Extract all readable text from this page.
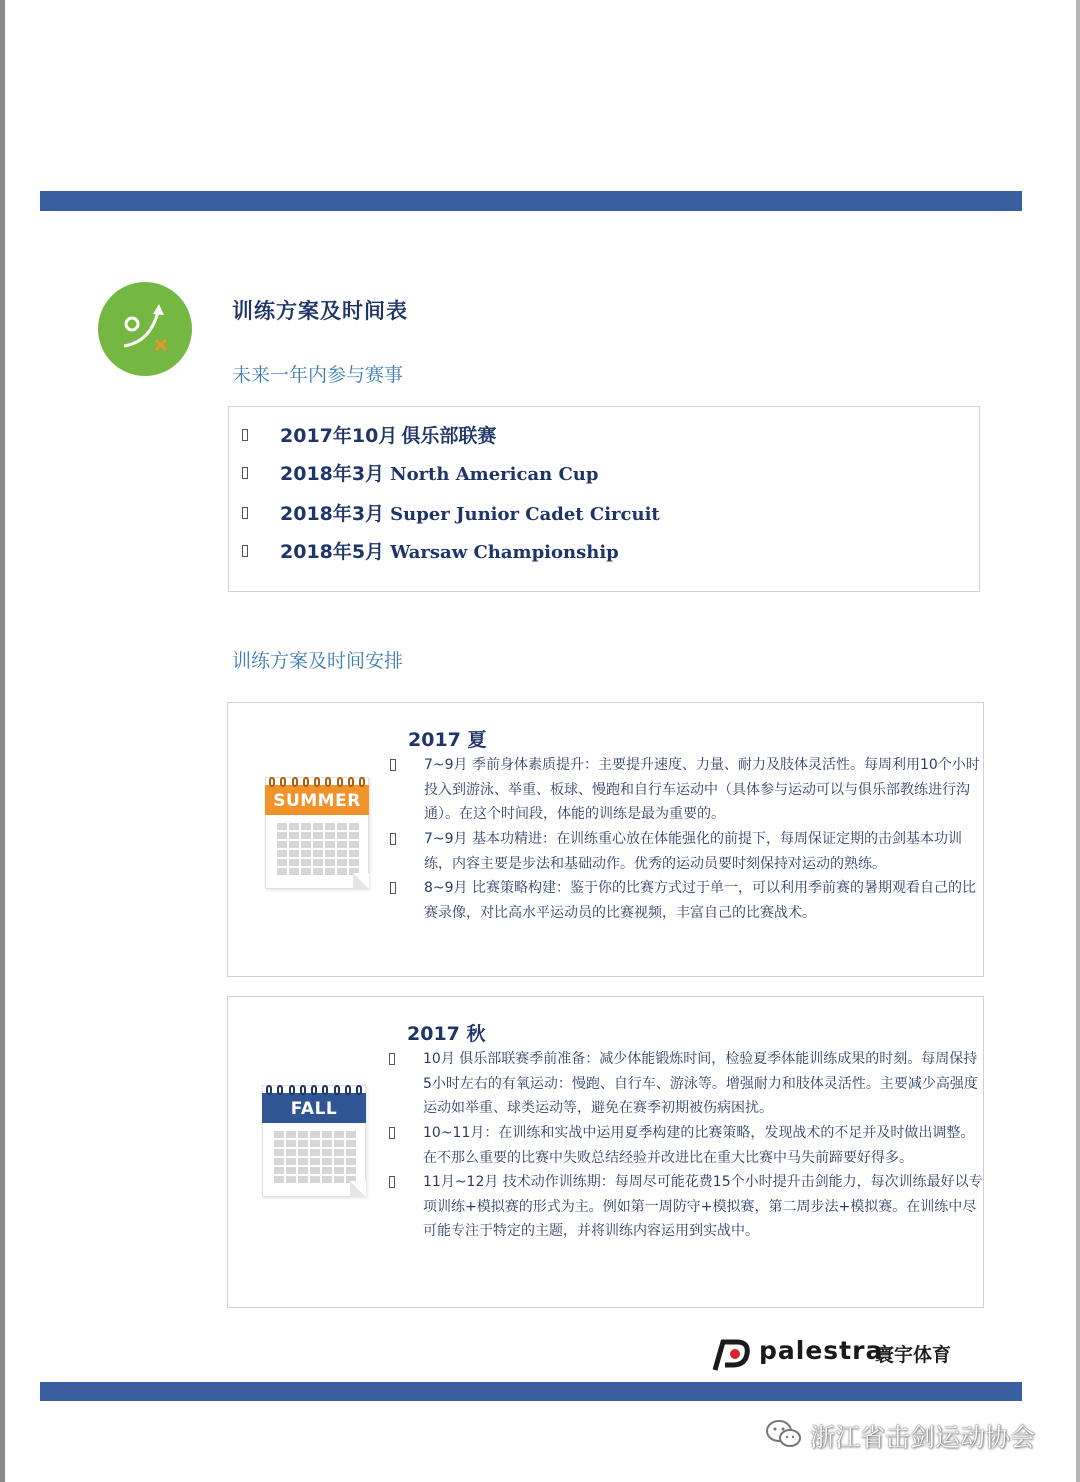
训练方案及时间表
未来一年内参与赛事
2017年10月 俱乐部联赛
2018年3月 North American Cup
2018年3月 Super Junior Cadet Circuit
2018年5月 Warsaw Championship
训练方案及时间安排
SUMMER
2017 夏
7~9月 季前身体素质提升：主要提升速度、力量、耐力及肢体灵活性。每周利用10个小时投入到游泳、举重、板球、慢跑和自行车运动中（具体参与运动可以与俱乐部教练进行沟通）。在这个时间段，体能的训练是最为重要的。
7~9月 基本功精进：在训练重心放在体能强化的前提下，每周保证定期的击剑基本功训练，内容主要是步法和基础动作。优秀的运动员要时刻保持对运动的熟练。
8~9月 比赛策略构建：鉴于你的比赛方式过于单一，可以利用季前赛的暑期观看自己的比赛录像，对比高水平运动员的比赛视频，丰富自己的比赛战术。
FALL
2017 秋
10月 俱乐部联赛季前准备：减少体能锻炼时间，检验夏季体能训练成果的时刻。每周保持5小时左右的有氧运动：慢跑、自行车、游泳等。增强耐力和肢体灵活性。主要减少高强度运动如举重、球类运动等，避免在赛季初期被伤病困扰。
10~11月：在训练和实战中运用夏季构建的比赛策略，发现战术的不足并及时做出调整。在不那么重要的比赛中失败总结经验并改进比在重大比赛中马失前蹄要好得多。
11月~12月 技术动作训练期：每周尽可能花费15个小时提升击剑能力，每次训练最好以专项训练+模拟赛的形式为主。例如第一周防守+模拟赛，第二周步法+模拟赛。在训练中尽可能专注于特定的主题，并将训练内容运用到实战中。
palestra
寰宇体育
浙江省击剑运动协会
